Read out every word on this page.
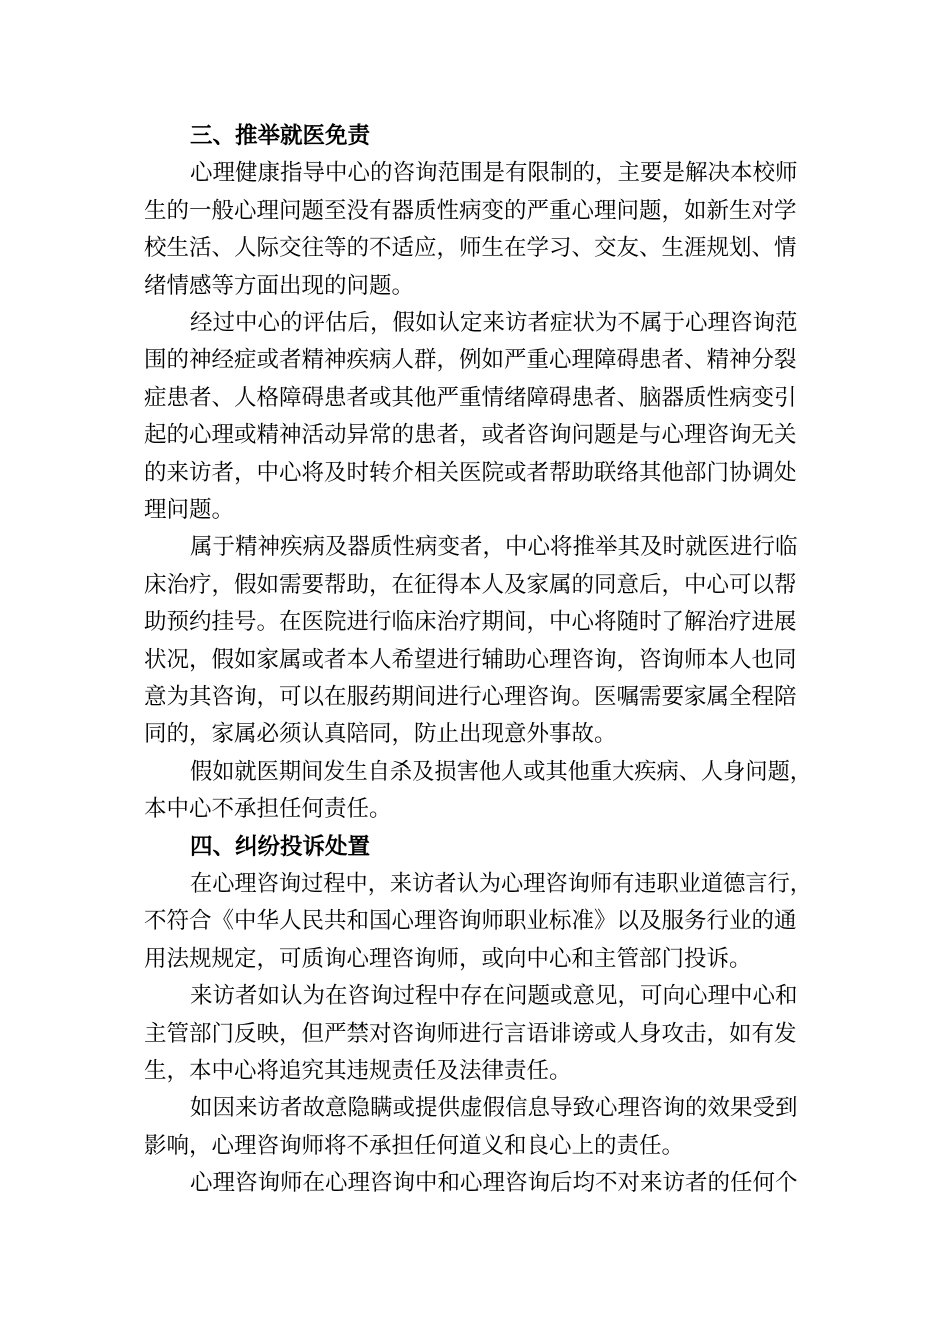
三、推举就医免责
心理健康指导中心的咨询范围是有限制的，主要是解决本校师
生的一般心理问题至没有器质性病变的严重心理问题，如新生对学
校生活、人际交往等的不适应，师生在学习、交友、生涯规划、情
绪情感等方面出现的问题。
经过中心的评估后，假如认定来访者症状为不属于心理咨询范
围的神经症或者精神疾病人群，例如严重心理障碍患者、精神分裂
症患者、人格障碍患者或其他严重情绪障碍患者、脑器质性病变引
起的心理或精神活动异常的患者，或者咨询问题是与心理咨询无关
的来访者，中心将及时转介相关医院或者帮助联络其他部门协调处
理问题。
属于精神疾病及器质性病变者，中心将推举其及时就医进行临
床治疗，假如需要帮助，在征得本人及家属的同意后，中心可以帮
助预约挂号。在医院进行临床治疗期间，中心将随时了解治疗进展
状况，假如家属或者本人希望进行辅助心理咨询，咨询师本人也同
意为其咨询，可以在服药期间进行心理咨询。医嘱需要家属全程陪
同的，家属必须认真陪同，防止出现意外事故。
假如就医期间发生自杀及损害他人或其他重大疾病、人身问题，
本中心不承担任何责任。
四、纠纷投诉处置
在心理咨询过程中，来访者认为心理咨询师有违职业道德言行，
不符合《中华人民共和国心理咨询师职业标准》以及服务行业的通
用法规规定，可质询心理咨询师，或向中心和主管部门投诉。
来访者如认为在咨询过程中存在问题或意见，可向心理中心和
主管部门反映，但严禁对咨询师进行言语诽谤或人身攻击，如有发
生，本中心将追究其违规责任及法律责任。
如因来访者故意隐瞒或提供虚假信息导致心理咨询的效果受到
影响，心理咨询师将不承担任何道义和良心上的责任。
心理咨询师在心理咨询中和心理咨询后均不对来访者的任何个
